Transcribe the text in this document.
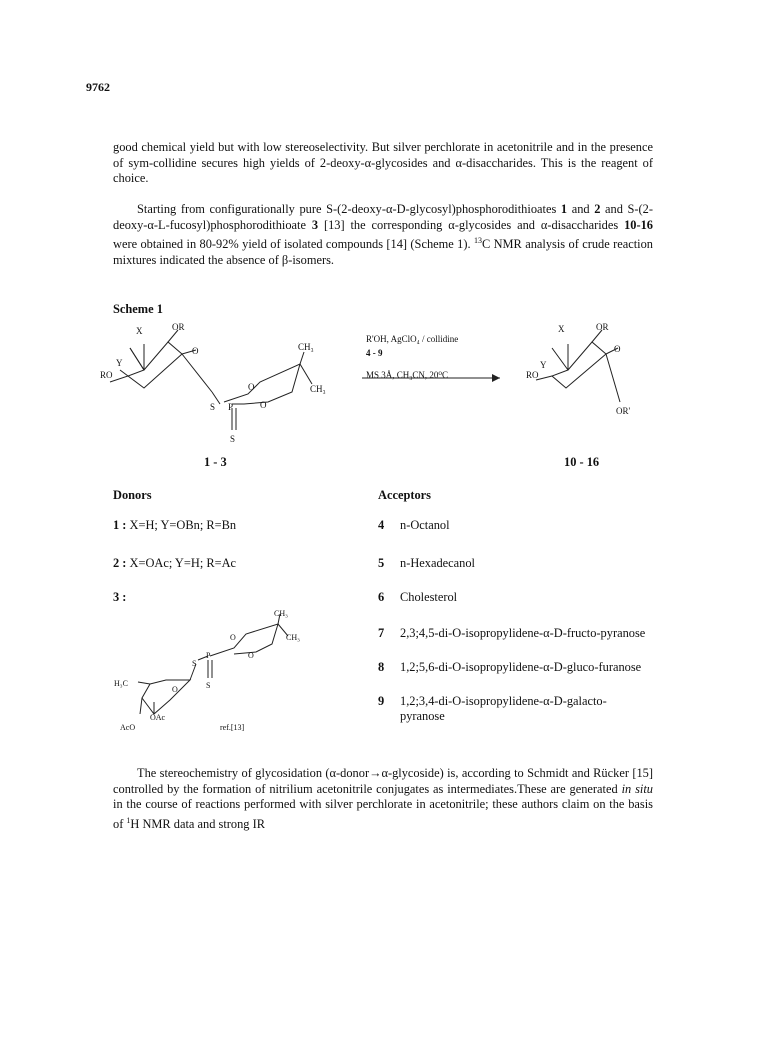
9762
good chemical yield but with low stereoselectivity. But silver perchlorate in acetonitrile and in the presence of sym-collidine secures high yields of 2-deoxy-α-glycosides and α-disaccharides. This is the reagent of choice.
Starting from configurationally pure S-(2-deoxy-α-D-glycosyl)phosphorodithioates 1 and 2 and S-(2-deoxy-α-L-fucosyl)phosphorodithioate 3 [13] the corresponding α-glycosides and α-disaccharides 10-16 were obtained in 80-92% yield of isolated compounds [14] (Scheme 1). $^{13}$C NMR analysis of crude reaction mixtures indicated the absence of β-isomers.
Scheme 1
X	OR
O
Y
RO
S P
S
O
O
CH₃
CH₃
R'OH, AgClO₄ / collidine
4 - 9
MS 3Å, CH₃CN, 20⁰C
X	OR
O
Y
RO
OR'
1 - 3	10 - 16
Donors	Acceptors
1 : X=H; Y=OBn; R=Bn
2 : X=OAc; Y=H; R=Ac
3 :
CH₃
CH₃
O
O
P
S
S
O
H₃C
OAc
AcO	ref.[13]
4 n-Octanol
5 n-Hexadecanol
6 Cholesterol
7 2,3;4,5-di-O-isopropylidene-α-D-fructo-pyranose
8 1,2;5,6-di-O-isopropylidene-α-D-gluco-furanose
9 1,2;3,4-di-O-isopropylidene-α-D-galacto-pyranose
The stereochemistry of glycosidation (α-donor→α-glycoside) is, according to Schmidt and Rücker [15] controlled by the formation of nitrilium acetonitrile conjugates as intermediates.These are generated in situ in the course of reactions performed with silver perchlorate in acetonitrile; these authors claim on the basis of $^1$H NMR data and strong IR
